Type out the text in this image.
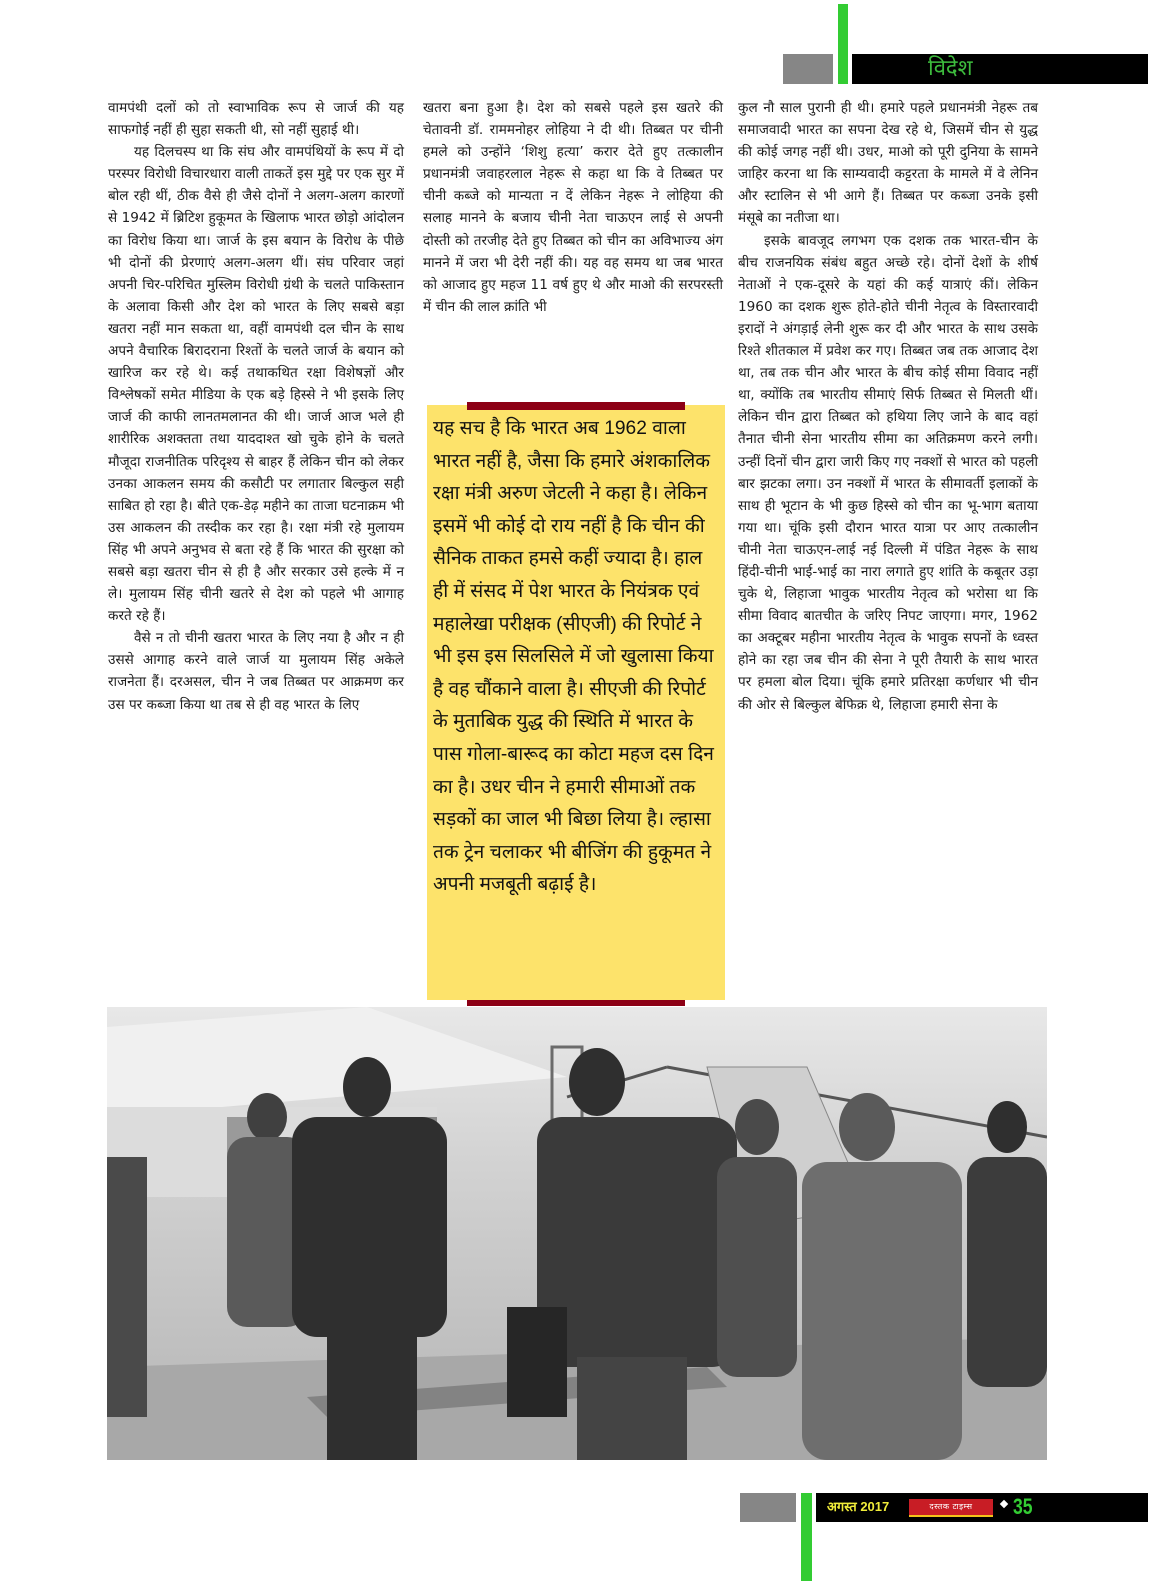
विदेश

वामपंथी दलों को तो स्वाभाविक रूप से जार्ज की यह साफगोई नहीं ही सुहा सकती थी, सो नहीं सुहाई थी।

यह दिलचस्प था कि संघ और वामपंथियों के रूप में दो परस्पर विरोधी विचारधारा वाली ताकतें इस मुद्दे पर एक सुर में बोल रही थीं, ठीक वैसे ही जैसे दोनों ने अलग-अलग कारणों से 1942 में ब्रिटिश हुकूमत के खिलाफ भारत छोड़ो आंदोलन का विरोध किया था। जार्ज के इस बयान के विरोध के पीछे भी दोनों की प्रेरणाएं अलग-अलग थीं। संघ परिवार जहां अपनी चिर-परिचित मुस्लिम विरोधी ग्रंथी के चलते पाकिस्तान के अलावा किसी और देश को भारत के लिए सबसे बड़ा खतरा नहीं मान सकता था, वहीं वामपंथी दल चीन के साथ अपने वैचारिक बिरादराना रिश्तों के चलते जार्ज के बयान को खारिज कर रहे थे। कई तथाकथित रक्षा विशेषज्ञों और विश्लेषकों समेत मीडिया के एक बड़े हिस्से ने भी इसके लिए जार्ज की काफी लानतमलानत की थी। जार्ज आज भले ही शारीरिक अशक्तता तथा याददाश्त खो चुके होने के चलते मौजूदा राजनीतिक परिदृश्य से बाहर हैं लेकिन चीन को लेकर उनका आकलन समय की कसौटी पर लगातार बिल्कुल सही साबित हो रहा है। बीते एक-डेढ़ महीने का ताजा घटनाक्रम भी उस आकलन की तस्दीक कर रहा है। रक्षा मंत्री रहे मुलायम सिंह भी अपने अनुभव से बता रहे हैं कि भारत की सुरक्षा को सबसे बड़ा खतरा चीन से ही है और सरकार उसे हल्के में न ले। मुलायम सिंह चीनी खतरे से देश को पहले भी आगाह करते रहे हैं।

वैसे न तो चीनी खतरा भारत के लिए नया है और न ही उससे आगाह करने वाले जार्ज या मुलायम सिंह अकेले राजनेता हैं। दरअसल, चीन ने जब तिब्बत पर आक्रमण कर उस पर कब्जा किया था तब से ही वह भारत के लिए

खतरा बना हुआ है। देश को सबसे पहले इस खतरे की चेतावनी डॉ. राममनोहर लोहिया ने दी थी। तिब्बत पर चीनी हमले को उन्होंने ‘शिशु हत्या’ करार देते हुए तत्कालीन प्रधानमंत्री जवाहरलाल नेहरू से कहा था कि वे तिब्बत पर चीनी कब्जे को मान्यता न दें लेकिन नेहरू ने लोहिया की सलाह मानने के बजाय चीनी नेता चाऊएन लाई से अपनी दोस्ती को तरजीह देते हुए तिब्बत को चीन का अविभाज्य अंग मानने में जरा भी देरी नहीं की। यह वह समय था जब भारत को आजाद हुए महज 11 वर्ष हुए थे और माओ की सरपरस्ती में चीन की लाल क्रांति भी

कुल नौ साल पुरानी ही थी। हमारे पहले प्रधानमंत्री नेहरू तब समाजवादी भारत का सपना देख रहे थे, जिसमें चीन से युद्ध की कोई जगह नहीं थी। उधर, माओ को पूरी दुनिया के सामने जाहिर करना था कि साम्यवादी कट्टरता के मामले में वे लेनिन और स्टालिन से भी आगे हैं। तिब्बत पर कब्जा उनके इसी मंसूबे का नतीजा था।

इसके बावजूद लगभग एक दशक तक भारत-चीन के बीच राजनयिक संबंध बहुत अच्छे रहे। दोनों देशों के शीर्ष नेताओं ने एक-दूसरे के यहां की कई यात्राएं कीं। लेकिन 1960 का दशक शुरू होते-होते चीनी नेतृत्व के विस्तारवादी इरादों ने अंगड़ाई लेनी शुरू कर दी और भारत के साथ उसके रिश्ते शीतकाल में प्रवेश कर गए। तिब्बत जब तक आजाद देश था, तब तक चीन और भारत के बीच कोई सीमा विवाद नहीं था, क्योंकि तब भारतीय सीमाएं सिर्फ तिब्बत से मिलती थीं। लेकिन चीन द्वारा तिब्बत को हथिया लिए जाने के बाद वहां तैनात चीनी सेना भारतीय सीमा का अतिक्रमण करने लगी। उन्हीं दिनों चीन द्वारा जारी किए गए नक्शों से भारत को पहली बार झटका लगा। उन नक्शों में भारत के सीमावर्ती इलाकों के साथ ही भूटान के भी कुछ हिस्से को चीन का भू-भाग बताया गया था। चूंकि इसी दौरान भारत यात्रा पर आए तत्कालीन चीनी नेता चाऊएन-लाई नई दिल्ली में पंडित नेहरू के साथ हिंदी-चीनी भाई-भाई का नारा लगाते हुए शांति के कबूतर उड़ा चुके थे, लिहाजा भावुक भारतीय नेतृत्व को भरोसा था कि सीमा विवाद बातचीत के जरिए निपट जाएगा। मगर, 1962 का अक्टूबर महीना भारतीय नेतृत्व के भावुक सपनों के ध्वस्त होने का रहा जब चीन की सेना ने पूरी तैयारी के साथ भारत पर हमला बोल दिया। चूंकि हमारे प्रतिरक्षा कर्णधार भी चीन की ओर से बिल्कुल बेफिक्र थे, लिहाजा हमारी सेना के

यह सच है कि भारत अब 1962 वाला भारत नहीं है, जैसा कि हमारे अंशकालिक रक्षा मंत्री अरुण जेटली ने कहा है। लेकिन इसमें भी कोई दो राय नहीं है कि चीन की सैनिक ताकत हमसे कहीं ज्यादा है। हाल ही में संसद में पेश भारत के नियंत्रक एवं महालेखा परीक्षक (सीएजी) की रिपोर्ट ने भी इस इस सिलसिले में जो खुलासा किया है वह चौंकाने वाला है। सीएजी की रिपोर्ट के मुताबिक युद्ध की स्थिति में भारत के पास गोला-बारूद का कोटा महज दस दिन का है। उधर चीन ने हमारी सीमाओं तक सड़कों का जाल भी बिछा लिया है। ल्हासा तक ट्रेन चलाकर भी बीजिंग की हुकूमत ने अपनी मजबूती बढ़ाई है।
अगस्त 2017	दस्तक टाइम्स	35
